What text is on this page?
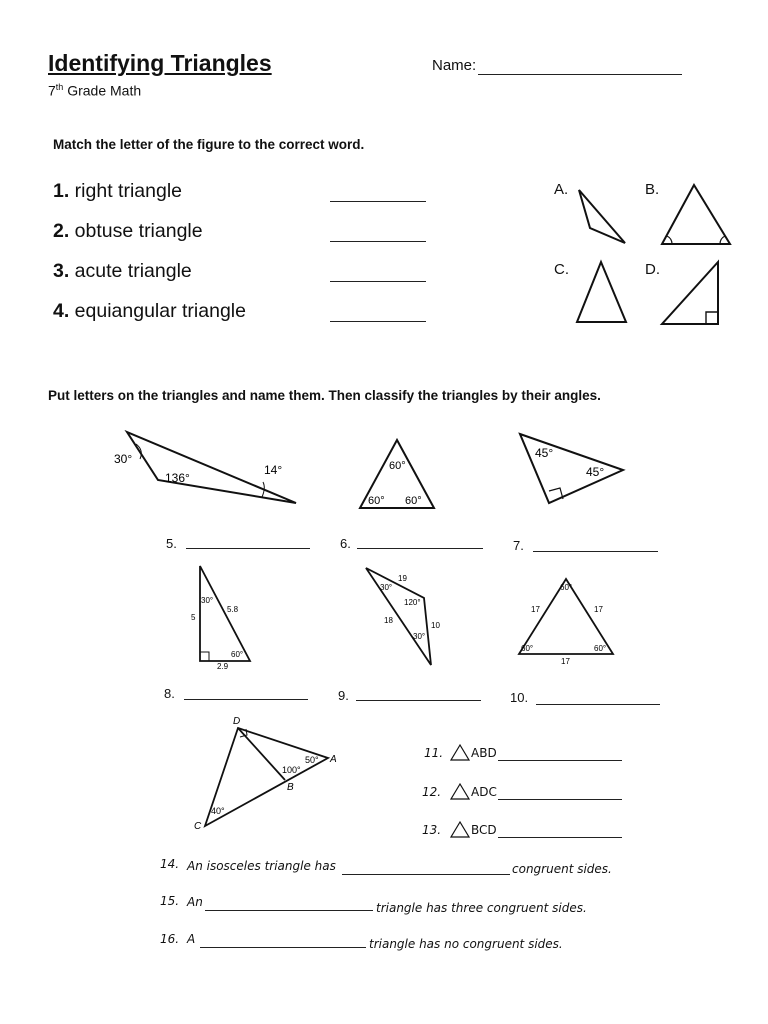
Identifying Triangles
7th Grade Math
Name:
Match the letter of the figure to the correct word.
1. right triangle
2. obtuse triangle
3. acute triangle
4. equiangular triangle
A.	B.
C.	D.
Put letters on the triangles and name them. Then classify the triangles by their angles.
30°
136°
14°	60°
60° 60°
45°
45°
30°
5.8
5
60°
2.9
19
30°
120°
18
30°
10
60°
17	17
60°	60°
17
D
A
B
C
50°
100°
40°
5.	6.	7.
8.	9.	10.
11. ABD
12. ADC
13. BCD
14. An isosceles triangle has	congruent sides.
15. An	triangle has three congruent sides.
16. A	triangle has no congruent sides.
